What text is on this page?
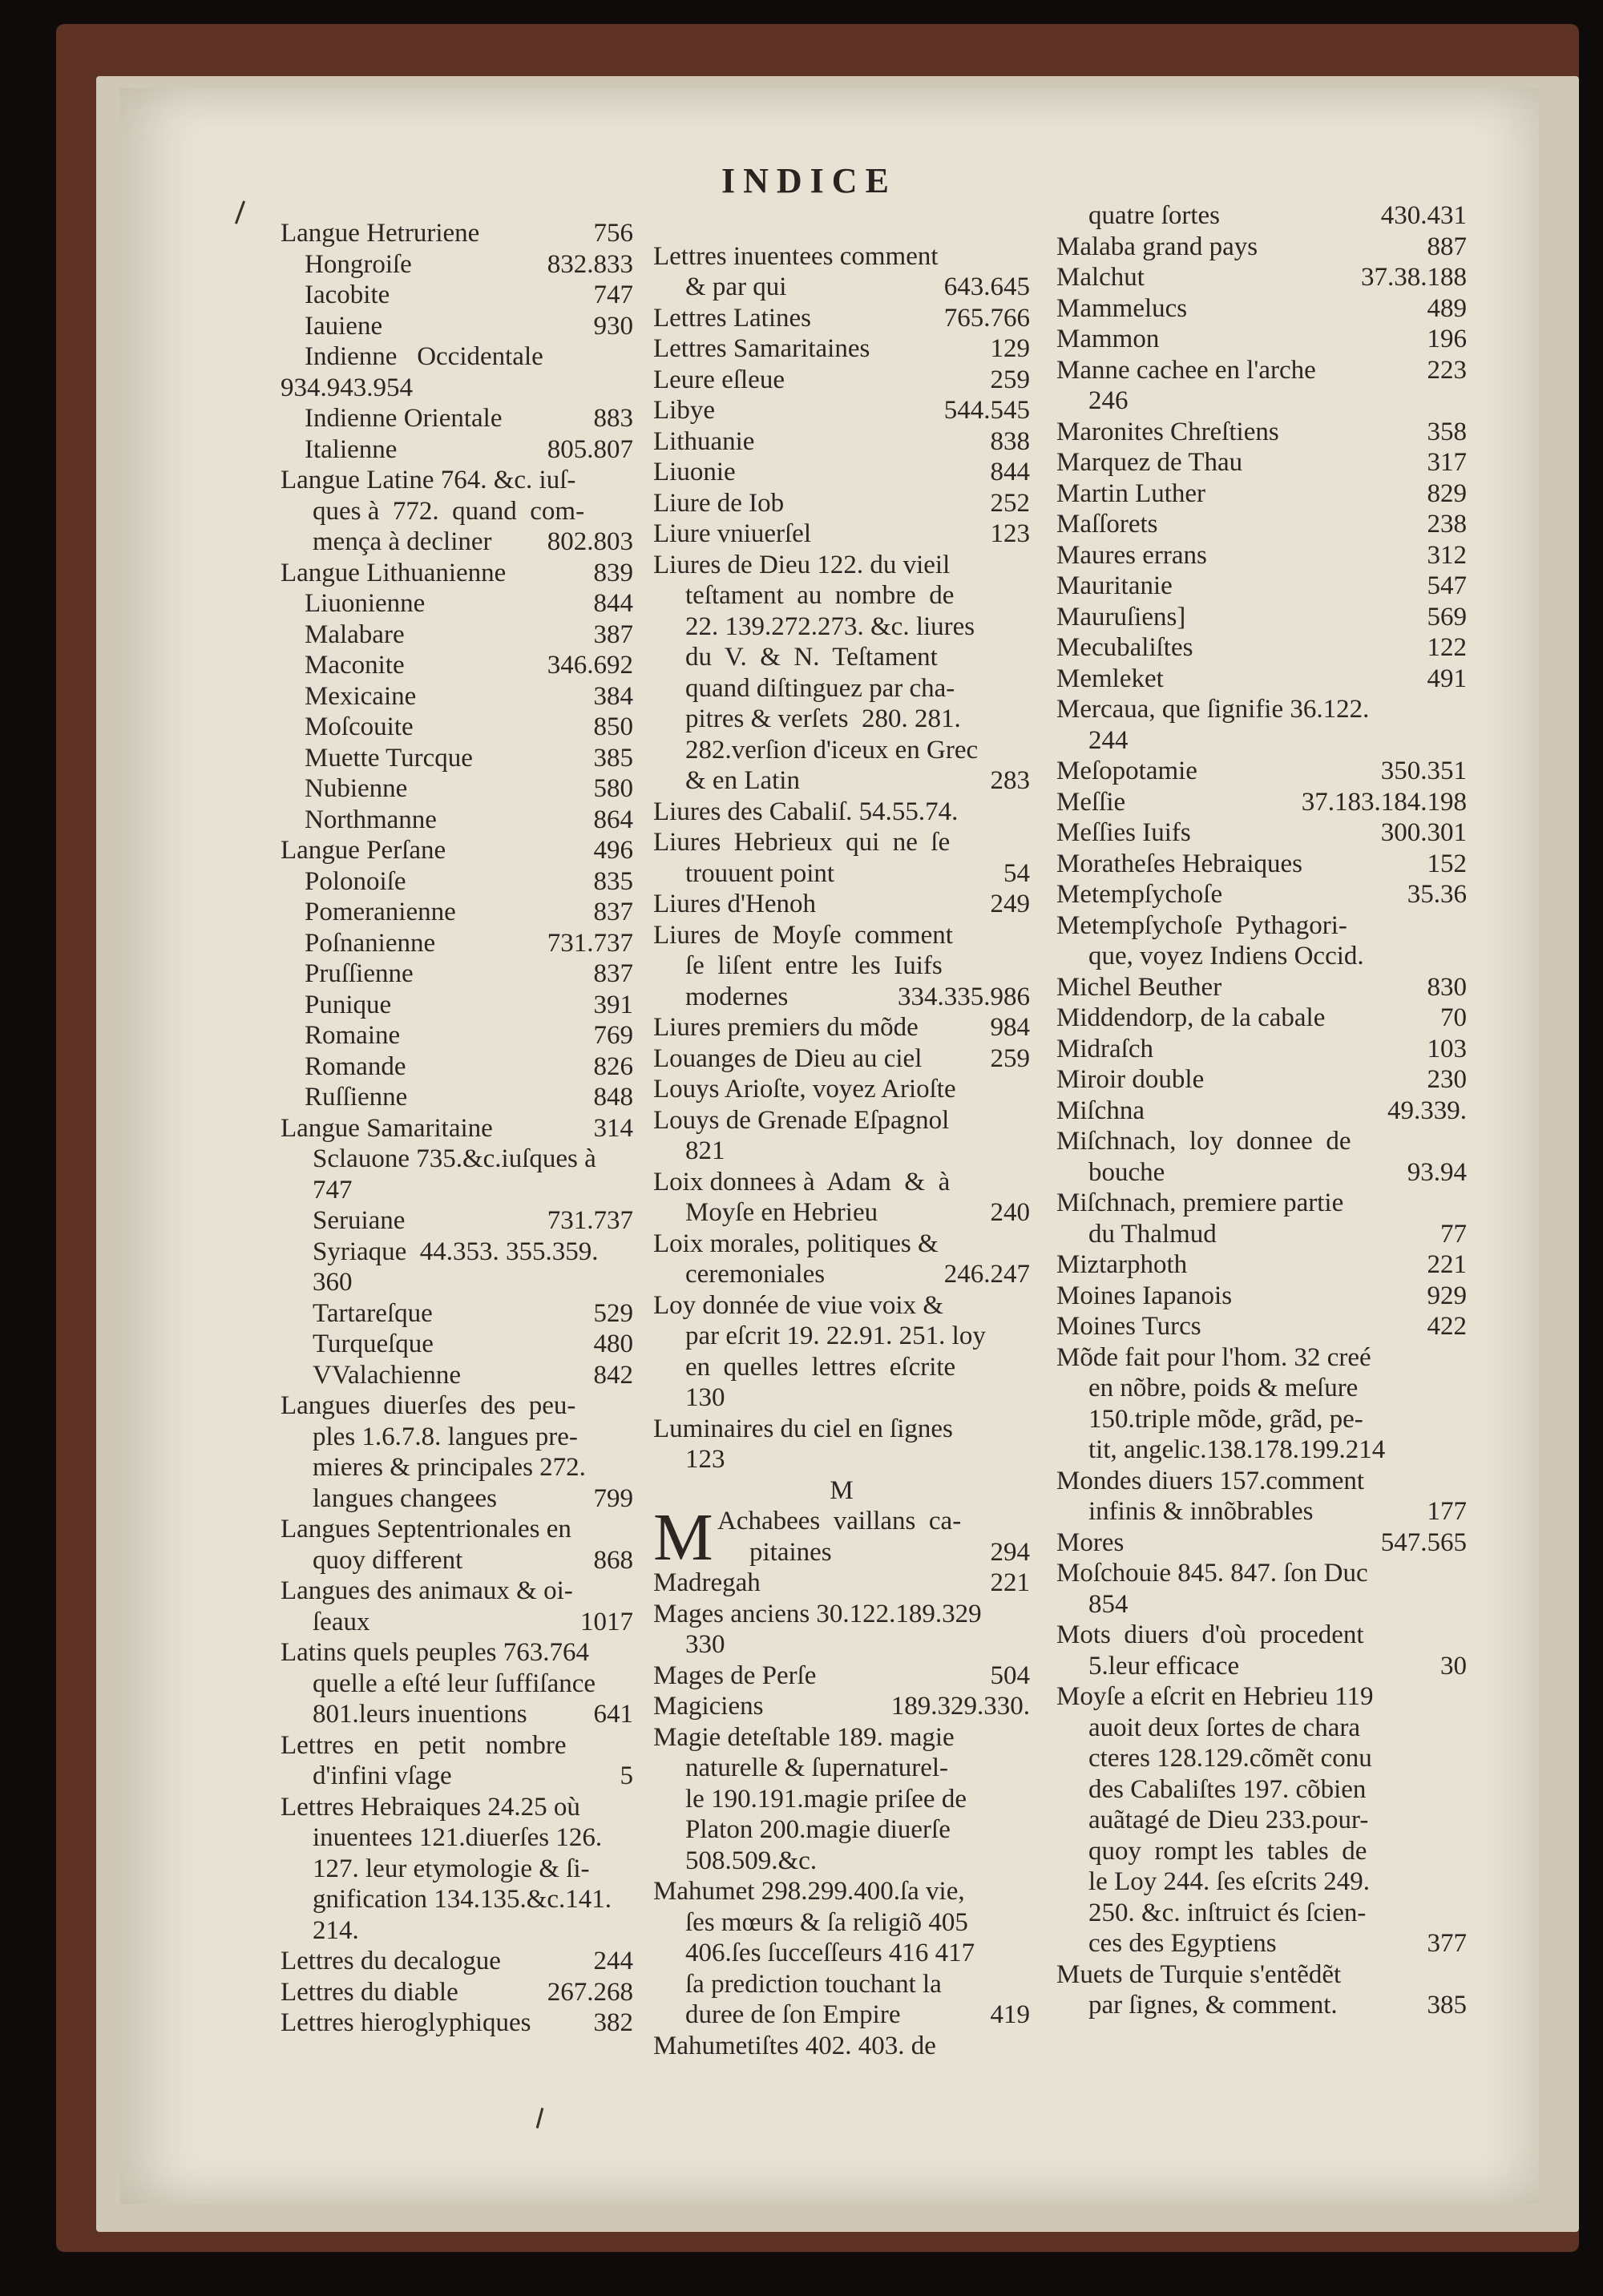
INDICE
Langue Hetruriene	756
Hongroiſe	832.833
Iacobite	747
Iauiene	930
Indienne   Occidentale
934.943.954
Indienne Orientale	883
Italienne	805.807
Langue Latine 764. &c. iuſ-
ques à  772.  quand  com-
mença à decliner	802.803
Langue Lithuanienne	839
Liuonienne	844
Malabare	387
Maconite	346.692
Mexicaine	384
Moſcouite	850
Muette Turcque	385
Nubienne	580
Northmanne	864
Langue Perſane	496
Polonoiſe	835
Pomeranienne	837
Poſnanienne	731.737
Pruſſienne	837
Punique	391
Romaine	769
Romande	826
Ruſſienne	848
Langue Samaritaine	314
Sclauone 735.&c.iuſques à
747
Seruiane	731.737
Syriaque  44.353. 355.359.
360
Tartareſque	529
Turqueſque	480
VValachienne	842
Langues  diuerſes  des  peu-
ples 1.6.7.8. langues pre-
mieres & principales 272.
langues changees	799
Langues Septentrionales en
quoy different	868
Langues des animaux & oi-
ſeaux	1017
Latins quels peuples 763.764
quelle a eſté leur ſuffiſance
801.leurs inuentions	641
Lettres   en   petit   nombre
d'infini vſage	5
Lettres Hebraiques 24.25 où
inuentees 121.diuerſes 126.
127. leur etymologie & ſi-
gnification 134.135.&c.141.
214.
Lettres du decalogue	244
Lettres du diable	267.268
Lettres hieroglyphiques	382
Lettres inuentees comment
& par qui	643.645
Lettres Latines	765.766
Lettres Samaritaines	129
Leure eſleue	259
Libye	544.545
Lithuanie	838
Liuonie	844
Liure de Iob	252
Liure vniuerſel	123
Liures de Dieu 122. du vieil
teſtament  au  nombre  de
22. 139.272.273. &c. liures
du  V.  &  N.  Teſtament
quand diſtinguez par cha-
pitres & verſets  280. 281.
282.verſion d'iceux en Grec
& en Latin	283
Liures des Cabaliſ. 54.55.74.
Liures  Hebrieux  qui  ne  ſe
trouuent point	54
Liures d'Henoh	249
Liures  de  Moyſe  comment
ſe  liſent  entre  les  Iuifs
modernes	334.335.986
Liures premiers du mõde	984
Louanges de Dieu au ciel	259
Louys Arioſte, voyez Arioſte
Louys de Grenade Eſpagnol
821
Loix donnees à  Adam  &  à
Moyſe en Hebrieu	240
Loix morales, politiques &
ceremoniales	246.247
Loy donnée de viue voix &
par eſcrit 19. 22.91. 251. loy
en  quelles  lettres  eſcrite
130
Luminaires du ciel en ſignes
123
M
M Achabees  vaillans  ca-
pitaines	294
Madregah	221
Mages anciens 30.122.189.329
330
Mages de Perſe	504
Magiciens	189.329.330.
Magie deteſtable 189. magie
naturelle & ſupernaturel-
le 190.191.magie priſee de
Platon 200.magie diuerſe
508.509.&c.
Mahumet 298.299.400.ſa vie,
ſes mœurs & ſa religiõ 405
406.ſes ſucceſſeurs 416 417
ſa prediction touchant la
duree de ſon Empire	419
Mahumetiſtes 402. 403. de
quatre ſortes	430.431
Malaba grand pays	887
Malchut	37.38.188
Mammelucs	489
Mammon	196
Manne cachee en l'arche	223
246
Maronites Chreſtiens	358
Marquez de Thau	317
Martin Luther	829
Maſſorets	238
Maures errans	312
Mauritanie	547
Mauruſiens]	569
Mecubaliſtes	122
Memleket	491
Mercaua, que ſignifie 36.122.
244
Meſopotamie	350.351
Meſſie	37.183.184.198
Meſſies Iuifs	300.301
Moratheſes Hebraiques	152
Metempſychoſe	35.36
Metempſychoſe  Pythagori-
que, voyez Indiens Occid.
Michel Beuther	830
Middendorp, de la cabale	70
Midraſch	103
Miroir double	230
Miſchna	49.339.
Miſchnach,  loy  donnee  de
bouche	93.94
Miſchnach, premiere partie
du Thalmud	77
Miztarphoth	221
Moines Iapanois	929
Moines Turcs	422
Mõde fait pour l'hom. 32 creé
en nõbre, poids & meſure
150.triple mõde, grãd, pe-
tit, angelic.138.178.199.214
Mondes diuers 157.comment
infinis & innõbrables	177
Mores	547.565
Moſchouie 845. 847. ſon Duc
854
Mots  diuers  d'où  procedent
5.leur efficace	30
Moyſe a eſcrit en Hebrieu 119
auoit deux ſortes de chara
cteres 128.129.cõmẽt conu
des Cabaliſtes 197. cõbien
auãtagé de Dieu 233.pour-
quoy  rompt les  tables  de
le Loy 244. ſes eſcrits 249.
250. &c. inſtruict és ſcien-
ces des Egyptiens	377
Muets de Turquie s'entẽdẽt
par ſignes, & comment.	385
